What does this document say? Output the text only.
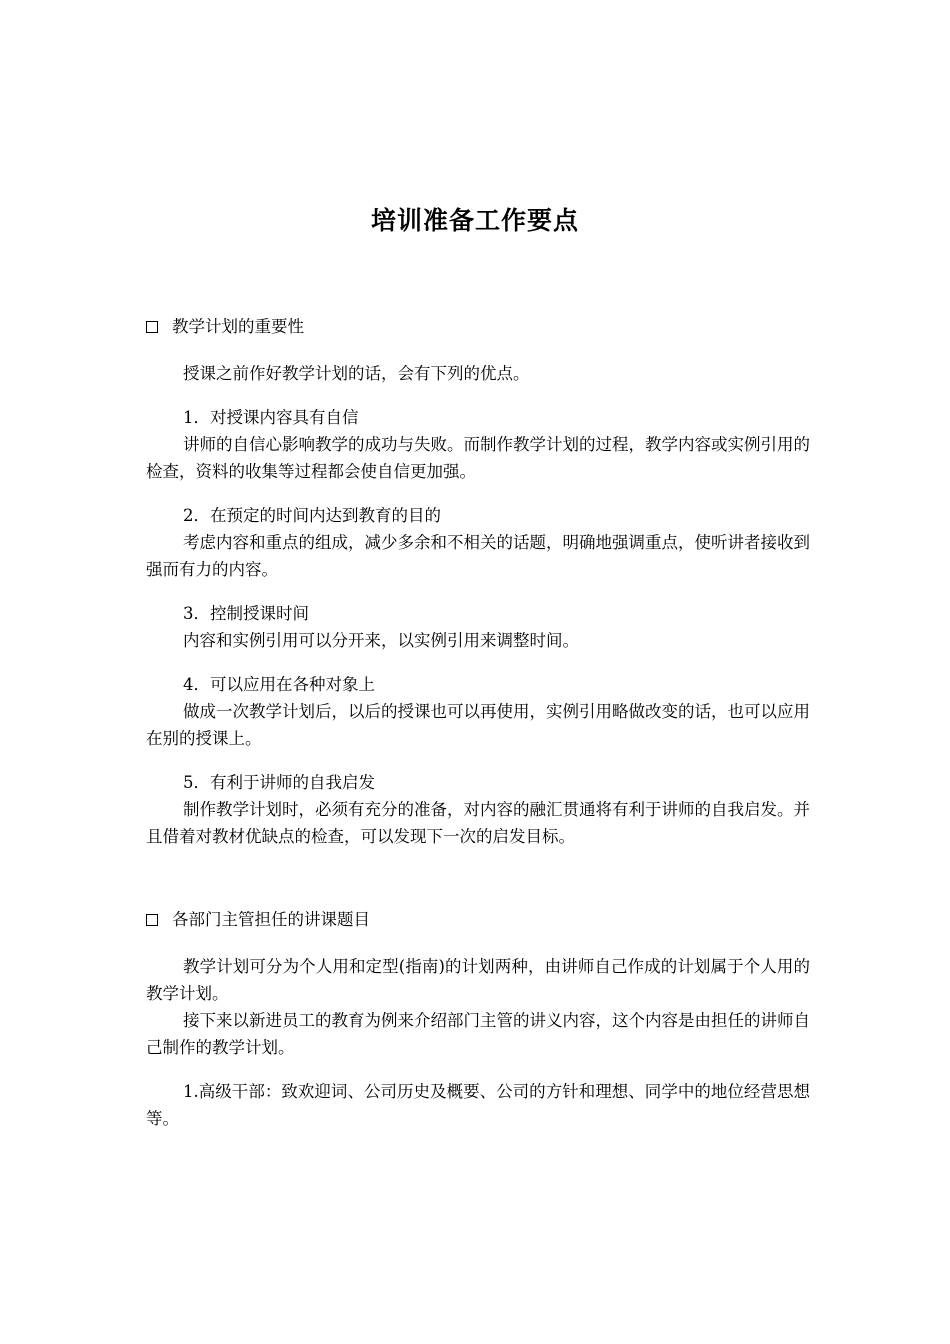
培训准备工作要点
教学计划的重要性

授课之前作好教学计划的话，会有下列的优点。

1．对授课内容具有自信

讲师的自信心影响教学的成功与失败。而制作教学计划的过程，教学内容或实例引用的检查，资料的收集等过程都会使自信更加强。

2．在预定的时间内达到教育的目的

考虑内容和重点的组成，减少多余和不相关的话题，明确地强调重点，使听讲者接收到强而有力的内容。

3．控制授课时间

内容和实例引用可以分开来，以实例引用来调整时间。

4．可以应用在各种对象上

做成一次教学计划后，以后的授课也可以再使用，实例引用略做改变的话，也可以应用在别的授课上。

5．有利于讲师的自我启发

制作教学计划时，必须有充分的准备，对内容的融汇贯通将有利于讲师的自我启发。并且借着对教材优缺点的检查，可以发现下一次的启发目标。

各部门主管担任的讲课题目

教学计划可分为个人用和定型(指南)的计划两种，由讲师自己作成的计划属于个人用的教学计划。

接下来以新进员工的教育为例来介绍部门主管的讲义内容，这个内容是由担任的讲师自己制作的教学计划。

1.高级干部：致欢迎词、公司历史及概要、公司的方针和理想、同学中的地位经营思想等。
